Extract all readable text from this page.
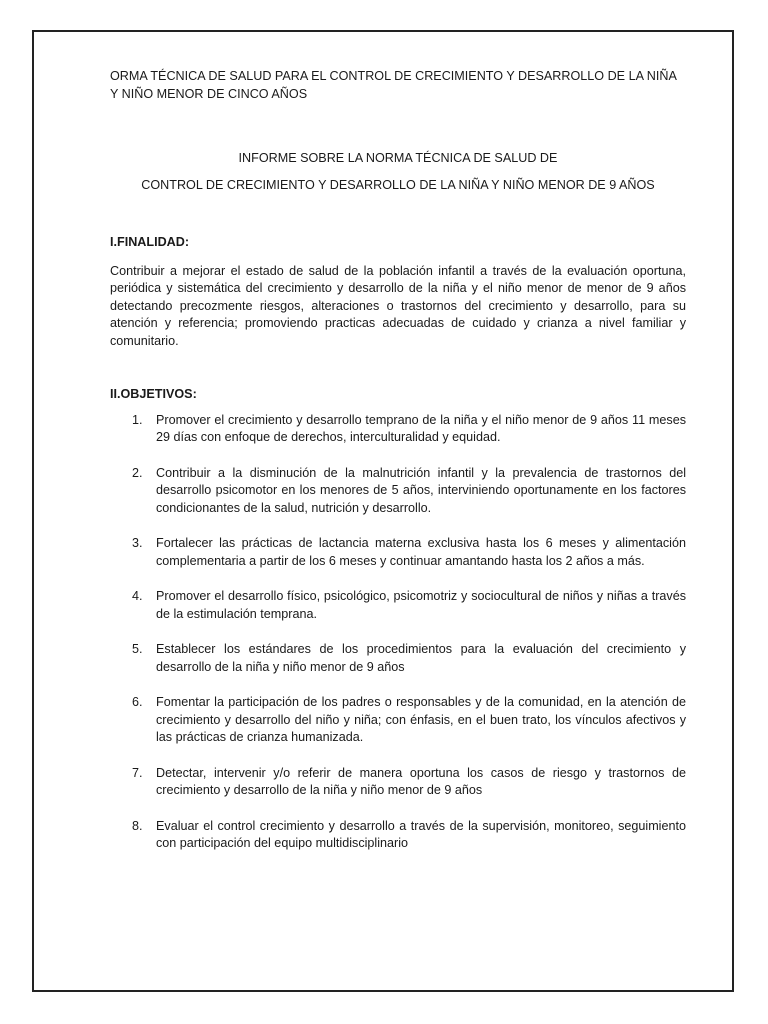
ORMA TÉCNICA DE SALUD PARA EL CONTROL DE CRECIMIENTO Y DESARROLLO DE LA NIÑA Y NIÑO MENOR DE CINCO AÑOS
INFORME SOBRE LA NORMA TÉCNICA DE SALUD DE
CONTROL DE CRECIMIENTO Y DESARROLLO DE LA NIÑA Y NIÑO MENOR DE 9 AÑOS
I.FINALIDAD:
Contribuir a mejorar el estado de salud de la población infantil a través de la evaluación oportuna, periódica y sistemática del crecimiento y desarrollo de la niña y el niño menor de menor de 9 años detectando precozmente riesgos, alteraciones o trastornos del crecimiento y desarrollo, para su atención y referencia; promoviendo practicas adecuadas de cuidado y crianza a nivel familiar y comunitario.
II.OBJETIVOS:
1. Promover el crecimiento y desarrollo temprano de la niña y el niño menor de 9 años 11 meses 29 días con enfoque de derechos, interculturalidad y equidad.
2. Contribuir a la disminución de la malnutrición infantil y la prevalencia de trastornos del desarrollo psicomotor en los menores de 5 años, interviniendo oportunamente en los factores condicionantes de la salud, nutrición y desarrollo.
3. Fortalecer las prácticas de lactancia materna exclusiva hasta los 6 meses y alimentación complementaria a partir de los 6 meses y continuar amantando hasta los 2 años a más.
4. Promover el desarrollo físico, psicológico, psicomotriz y sociocultural de niños y niñas a través de la estimulación temprana.
5. Establecer los estándares de los procedimientos para la evaluación del crecimiento y desarrollo de la niña y niño menor de 9 años
6. Fomentar la participación de los padres o responsables y de la comunidad, en la atención de crecimiento y desarrollo del niño y niña; con énfasis, en el buen trato, los vínculos afectivos y las prácticas de crianza humanizada.
7. Detectar, intervenir y/o referir de manera oportuna los casos de riesgo y trastornos de crecimiento y desarrollo de la niña y niño menor de 9 años
8. Evaluar el control crecimiento y desarrollo a través de la supervisión, monitoreo, seguimiento con participación del equipo multidisciplinario
